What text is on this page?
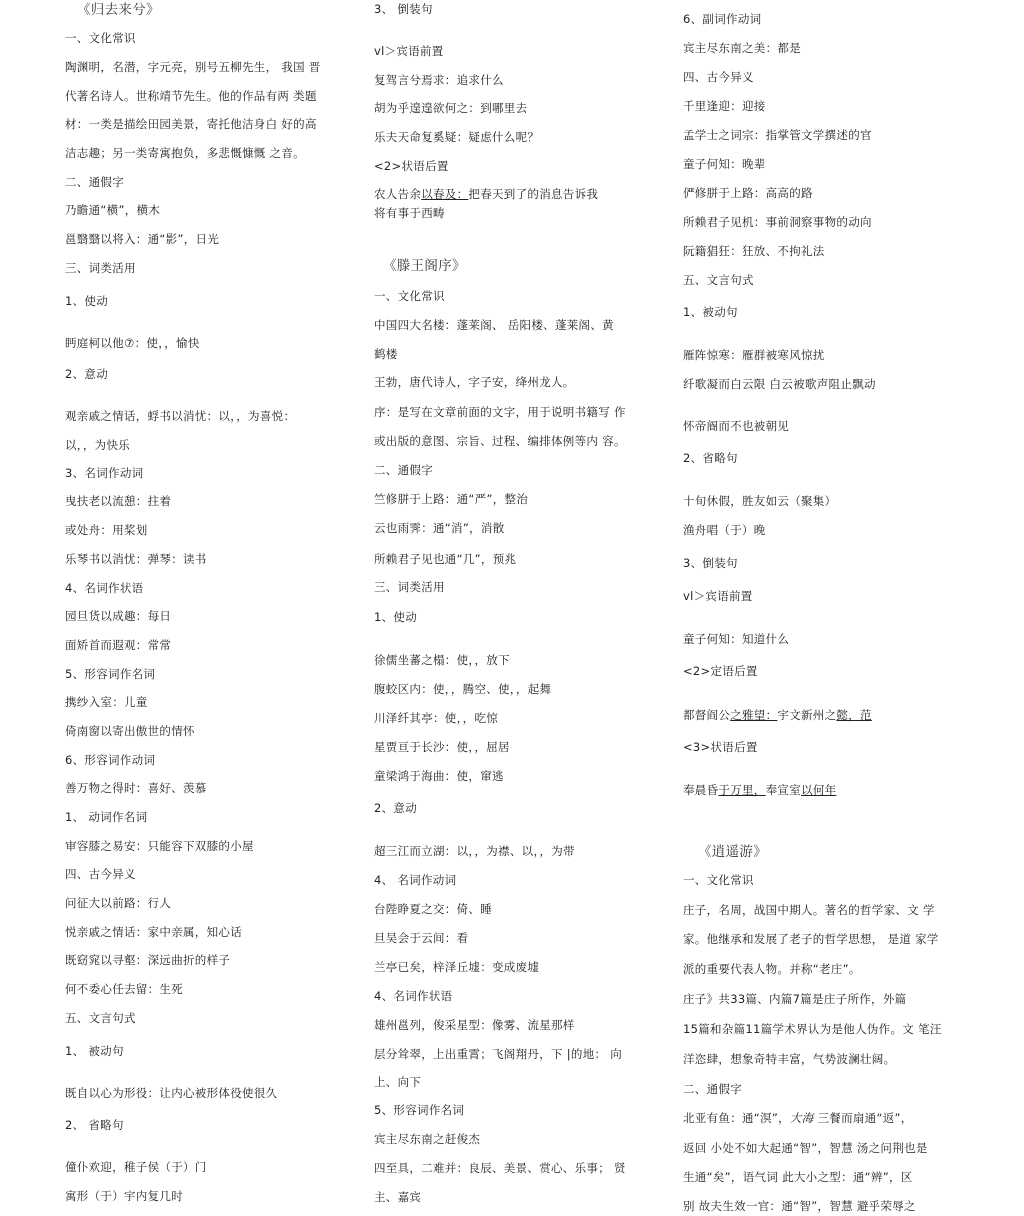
《归去来兮》
一、文化常识
陶渊明，名潜，字元亮，别号五柳先生， 我国 晋
代著名诗人。世称靖节先生。他的作品有两 类题
材：一类是描绘田园美景，寄托他洁身白 好的高
洁志趣；另一类寄寓抱负，多悲慨慷慨 之音。
二、通假字
乃瞻通“横”，横木
邕翳翳以将入：通“影”，日光
三、词类活用
1、使动
眄庭柯以他⑦：使，，愉快
2、意动
观亲戚之情话，蜉书以消忧：以，，为喜悦：
以，，为快乐
3、名词作动词
曳扶老以流憩：拄着
或处舟：用桨划
乐琴书以消忧：弹琴：读书
4、名词作状语
园旦货以成趣：每日
面矫首而遐观：常常
5、形容词作名词
携纱入室：儿童
倚南窗以寄出傲世的情怀
6、形容词作动词
善万物之得时：喜好、羡慕
1、 动词作名词
审容膝之易安：只能容下双膝的小屋
四、古今异义
问征大以前路：行人
悦亲戚之情话：家中亲属，知心话
既窈窕以寻壑：深远曲折的样子
何不委心任去留：生死
五、文言句式
1、 被动句
既自以心为形役：让内心被形体役使很久
2、 省略句
僮仆欢迎，稚子侯（于）门
寓形（于）宇内复几时
3、 倒装句
vl＞宾语前置
复驾言兮焉求：追求什么
胡为乎遑遑欲何之：到哪里去
乐夫天命复奚疑：疑虑什么呢？
<2>状语后置
农人告余以春及：把春天到了的消息告诉我
将有事于西畴
《滕王阁序》
一、文化常识
中国四大名楼：蓬莱阁、 岳阳楼、蓬莱阁、黄
鹤楼
王勃，唐代诗人，字子安，绛州龙人。
序：是写在文章前面的文字，用于说明书籍写 作
或出版的意图、宗旨、过程、编排体例等内 容。
二、通假字
竺修胼于上路：通“严”，整治
云也雨霁：通“消”，消散
所赖君子见也通“几”，预兆
三、词类活用
1、使动
徐儒坐蕃之榻：使，，放下
腹蛟区内：使，，腾空、使，，起舞
川泽纤其亭：使，，吃惊
星贾亘于长沙：使，，屈居
童梁鸿于海曲：使，窜逃
2、意动
超三江而立湖：以，，为襟、以，，为带
4、 名词作动词
台陛睁夏之交：倚、睡
旦吴会于云间：看
兰亭已矣，梓泽丘墟：变成废墟
4、名词作状语
雄州邕列，俊采星型：像雾、流星那样
层分耸翠，上出重霄；飞阁翔丹，下 |的地： 向
上、向下
5、形容词作名词
宾主尽东南之赶俊杰
四至具，二难并：良辰、美景、赏心、乐事； 贤
主、嘉宾
6、副词作动词
宾主尽东南之美：都是
四、古今异义
千里逢迎：迎接
孟学士之词宗：指掌管文学撰述的官
童子何知：晚辈
俨修胼于上路：高高的路
所赖君子见机：事前洞察事物的动向
阮籍猖狂：狂放、不拘礼法
五、文言句式
1、被动句
雁阵惊寒：雁群被寒风惊扰
纤歌凝而白云限 白云被歌声阻止飘动
怀帝阍而不也被朝见
2、省略句
十旬休假，胜友如云（聚集）
渔舟唱（于）晚
3、倒装句
vl＞宾语前置
童子何知：知道什么
<2>定语后置
都督阎公之雅望：宇文新州之懿，范
<3>状语后置
奉晨昏于万里，奉宣室以何年
《逍遥游》
一、文化常识
庄子，名周，战国中期人。著名的哲学家、文 学
家。他继承和发展了老子的哲学思想， 是道 家学
派的重要代表人物。并称“老庄”。
庄子》共33篇、内篇7篇是庄子所作，外篇
15篇和杂篇11篇学术界认为是他人伪作。文 笔汪
洋恣肆，想象奇特丰富，气势波澜壮阔。
二、通假字
北亚有鱼：通“溟”，大海 三餐而扇通“返”，
返回 小处不如大起通“智”，智慧 汤之问荆也是
生通“矣”，语气词 此大小之型：通“辨”，区
别 故夫生效一官：通“智”，智慧 避乎荣辱之
